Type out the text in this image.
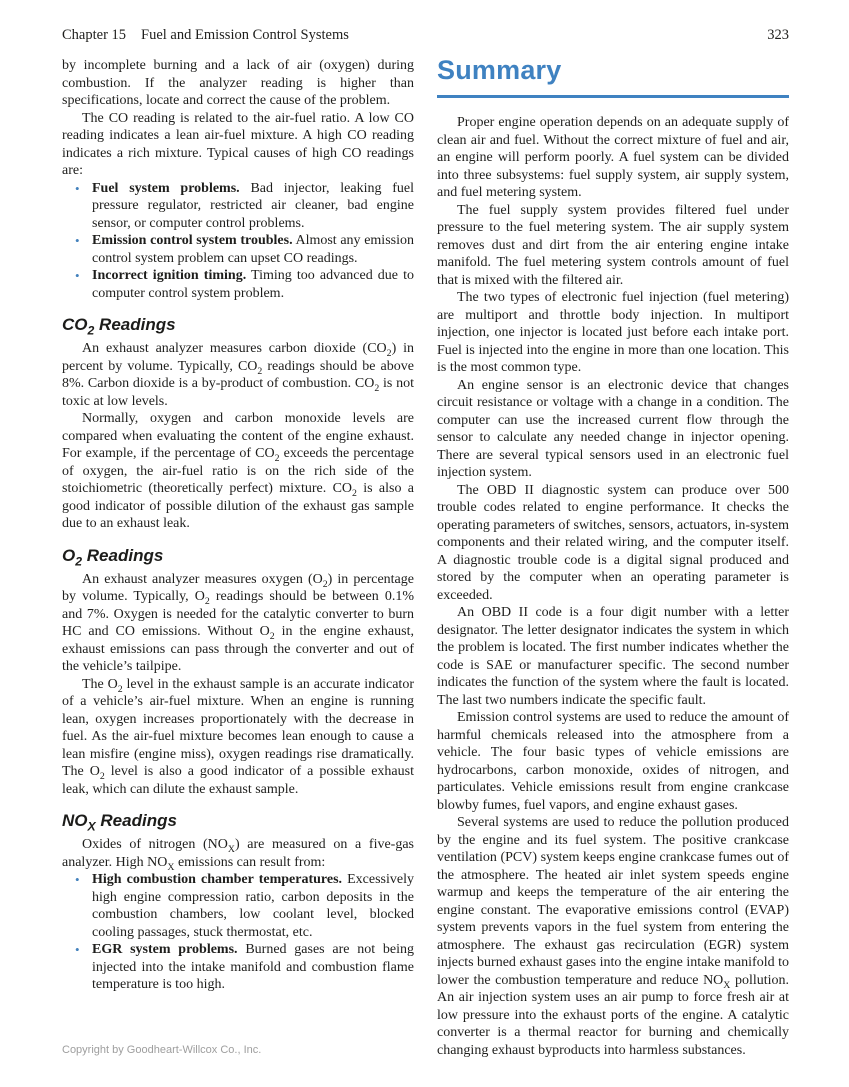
Chapter 15 Fuel and Emission Control Systems	323

by incomplete burning and a lack of air (oxygen) during combustion. If the analyzer reading is higher than specifications, locate and correct the cause of the problem.

The CO reading is related to the air-fuel ratio. A low CO reading indicates a lean air-fuel mixture. A high CO reading indicates a rich mixture. Typical causes of high CO readings are:

• Fuel system problems. Bad injector, leaking fuel pressure regulator, restricted air cleaner, bad engine sensor, or computer control problems.
• Emission control system troubles. Almost any emission control system problem can upset CO readings.
• Incorrect ignition timing. Timing too advanced due to computer control system problem.
$CO_2$ Readings

An exhaust analyzer measures carbon dioxide $(CO_2)$ in percent by volume. Typically, $CO_2$ readings should be above 8%. Carbon dioxide is a by-product of combustion. $CO_2$ is not toxic at low levels.

Normally, oxygen and carbon monoxide levels are compared when evaluating the content of the engine exhaust. For example, if the percentage of $CO_2$ exceeds the percentage of oxygen, the air-fuel ratio is on the rich side of the stoichiometric (theoretically perfect) mixture. $CO_2$ is also a good indicator of possible dilution of the exhaust gas sample due to an exhaust leak.

$O_2$ Readings

An exhaust analyzer measures oxygen $(O_2)$ in percentage by volume. Typically, $O_2$ readings should be between 0.1% and 7%. Oxygen is needed for the catalytic converter to burn HC and CO emissions. Without $O_2$ in the engine exhaust, exhaust emissions can pass through the converter and out of the vehicle’s tailpipe.

The $O_2$ level in the exhaust sample is an accurate indicator of a vehicle’s air-fuel mixture. When an engine is running lean, oxygen increases proportionately with the decrease in fuel. As the air-fuel mixture becomes lean enough to cause a lean misfire (engine miss), oxygen readings rise dramatically. The $O_2$ level is also a good indicator of a possible exhaust leak, which can dilute the exhaust sample.

$NO_X$ Readings

Oxides of nitrogen $(NO_X)$ are measured on a five-gas analyzer. High $NO_X$ emissions can result from:

• High combustion chamber temperatures. Excessively high engine compression ratio, carbon deposits in the combustion chambers, low coolant level, blocked cooling passages, stuck thermostat, etc.
• EGR system problems. Burned gases are not being injected into the intake manifold and combustion flame temperature is too high.
Summary

Proper engine operation depends on an adequate supply of clean air and fuel. Without the correct mixture of fuel and air, an engine will perform poorly. A fuel system can be divided into three subsystems: fuel supply system, air supply system, and fuel metering system.

The fuel supply system provides filtered fuel under pressure to the fuel metering system. The air supply system removes dust and dirt from the air entering engine intake manifold. The fuel metering system controls amount of fuel that is mixed with the filtered air.

The two types of electronic fuel injection (fuel metering) are multiport and throttle body injection. In multiport injection, one injector is located just before each intake port. Fuel is injected into the engine in more than one location. This is the most common type.

An engine sensor is an electronic device that changes circuit resistance or voltage with a change in a condition. The computer can use the increased current flow through the sensor to calculate any needed change in injector opening. There are several typical sensors used in an electronic fuel injection system.

The OBD II diagnostic system can produce over 500 trouble codes related to engine performance. It checks the operating parameters of switches, sensors, actuators, in-system components and their related wiring, and the computer itself. A diagnostic trouble code is a digital signal produced and stored by the computer when an operating parameter is exceeded.

An OBD II code is a four digit number with a letter designator. The letter designator indicates the system in which the problem is located. The first number indicates whether the code is SAE or manufacturer specific. The second number indicates the function of the system where the fault is located. The last two numbers indicate the specific fault.

Emission control systems are used to reduce the amount of harmful chemicals released into the atmosphere from a vehicle. The four basic types of vehicle emissions are hydrocarbons, carbon monoxide, oxides of nitrogen, and particulates. Vehicle emissions result from engine crankcase blowby fumes, fuel vapors, and engine exhaust gases.

Several systems are used to reduce the pollution produced by the engine and its fuel system. The positive crankcase ventilation (PCV) system keeps engine crankcase fumes out of the atmosphere. The heated air inlet system speeds engine warmup and keeps the temperature of the air entering the engine constant. The evaporative emissions control (EVAP) system prevents vapors in the fuel system from entering the atmosphere. The exhaust gas recirculation (EGR) system injects burned exhaust gases into the engine intake manifold to lower the combustion temperature and reduce $NO_X$ pollution. An air injection system uses an air pump to force fresh air at low pressure into the exhaust ports of the engine. A catalytic converter is a thermal reactor for burning and chemically changing exhaust byproducts into harmless substances.

Copyright by Goodheart-Willcox Co., Inc.
